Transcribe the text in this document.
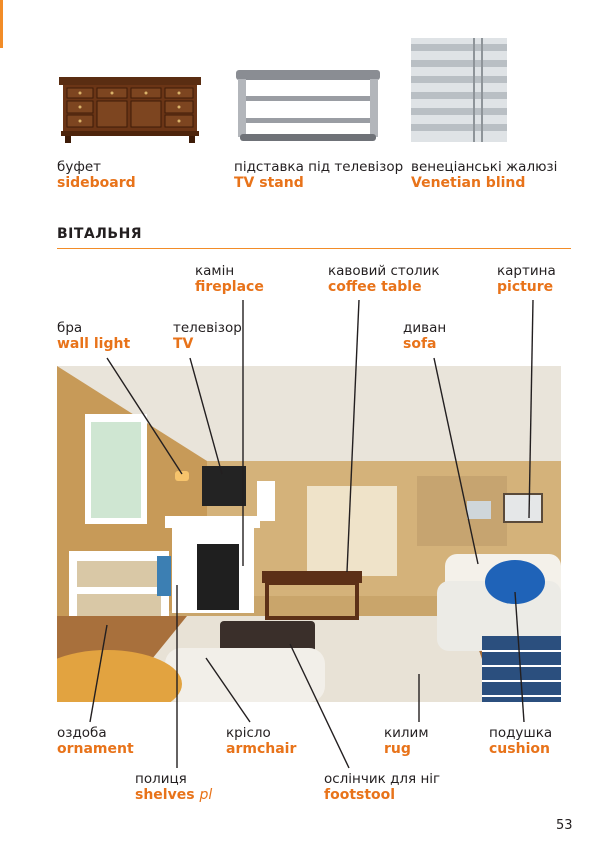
буфет
sideboard
підставка під телевізор
TV stand
венеціанські жалюзі
Venetian blind
ВІТАЛЬНЯ
камін
fireplace
кавовий столик
coffee table
картина
picture
бра
wall light
телевізор
TV
диван
sofa
оздоба
ornament
крісло
armchair
килим
rug
подушка
cushion
полиця
shelves pl
ослінчик для ніг
footstool
53
